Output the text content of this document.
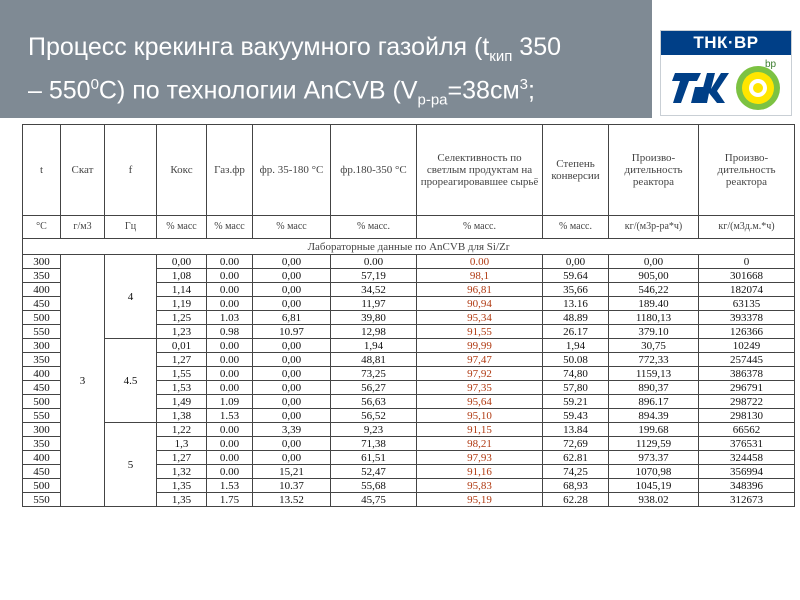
Процесс крекинга вакуумного газойля ($t_{кип}$ 350
– $550^0С$) по технологии AnCVB ($V_{р-ра}=38см^3$;
$V_{д.м.}=20см^3$.)
ТНК·ВР
bp
t	Скат	f	Кокс	Газ.фр	фр. 35-180 °С	фр.180-350 °С	Селективность по светлым продуктам на прореагировавшее сырьё	Степень конверсии	Произво-дительность реактора	Произво-дительность реактора
°С	г/м3	Гц	% масс	% масс	% масс	% масс.	% масс.	% масс.	кг/(м3р-ра*ч)	кг/(м3д.м.*ч)
Лабораторные данные по AnCVB для Si/Zr										
300	3	4	0,00	0.00	0,00	0.00	0.00	0,00	0,00	0
350			1,08	0.00	0,00	57,19	98,1	59.64	905,00	301668
400			1,14	0.00	0,00	34,52	96,81	35,66	546,22	182074
450			1,19	0.00	0,00	11,97	90,94	13.16	189.40	63135
500			1,25	1.03	6,81	39,80	95,34	48.89	1180,13	393378
550			1,23	0.98	10.97	12,98	91,55	26.17	379.10	126366
300		4.5	0,01	0.00	0,00	1,94	99,99	1,94	30,75	10249
350			1,27	0.00	0,00	48,81	97,47	50.08	772,33	257445
400			1,55	0.00	0,00	73,25	97,92	74,80	1159,13	386378
450			1,53	0.00	0,00	56,27	97,35	57,80	890,37	296791
500			1,49	1.09	0,00	56,63	95,64	59.21	896.17	298722
550			1,38	1.53	0,00	56,52	95,10	59.43	894.39	298130
300		5	1,22	0.00	3,39	9,23	91,15	13.84	199.68	66562
350			1,3	0.00	0,00	71,38	98,21	72,69	1129,59	376531
400			1,27	0.00	0,00	61,51	97,93	62.81	973.37	324458
450			1,32	0.00	15,21	52,47	91,16	74,25	1070,98	356994
500			1,35	1.53	10.37	55,68	95,83	68,93	1045,19	348396
550			1,35	1.75	13.52	45,75	95,19	62.28	938.02	312673
